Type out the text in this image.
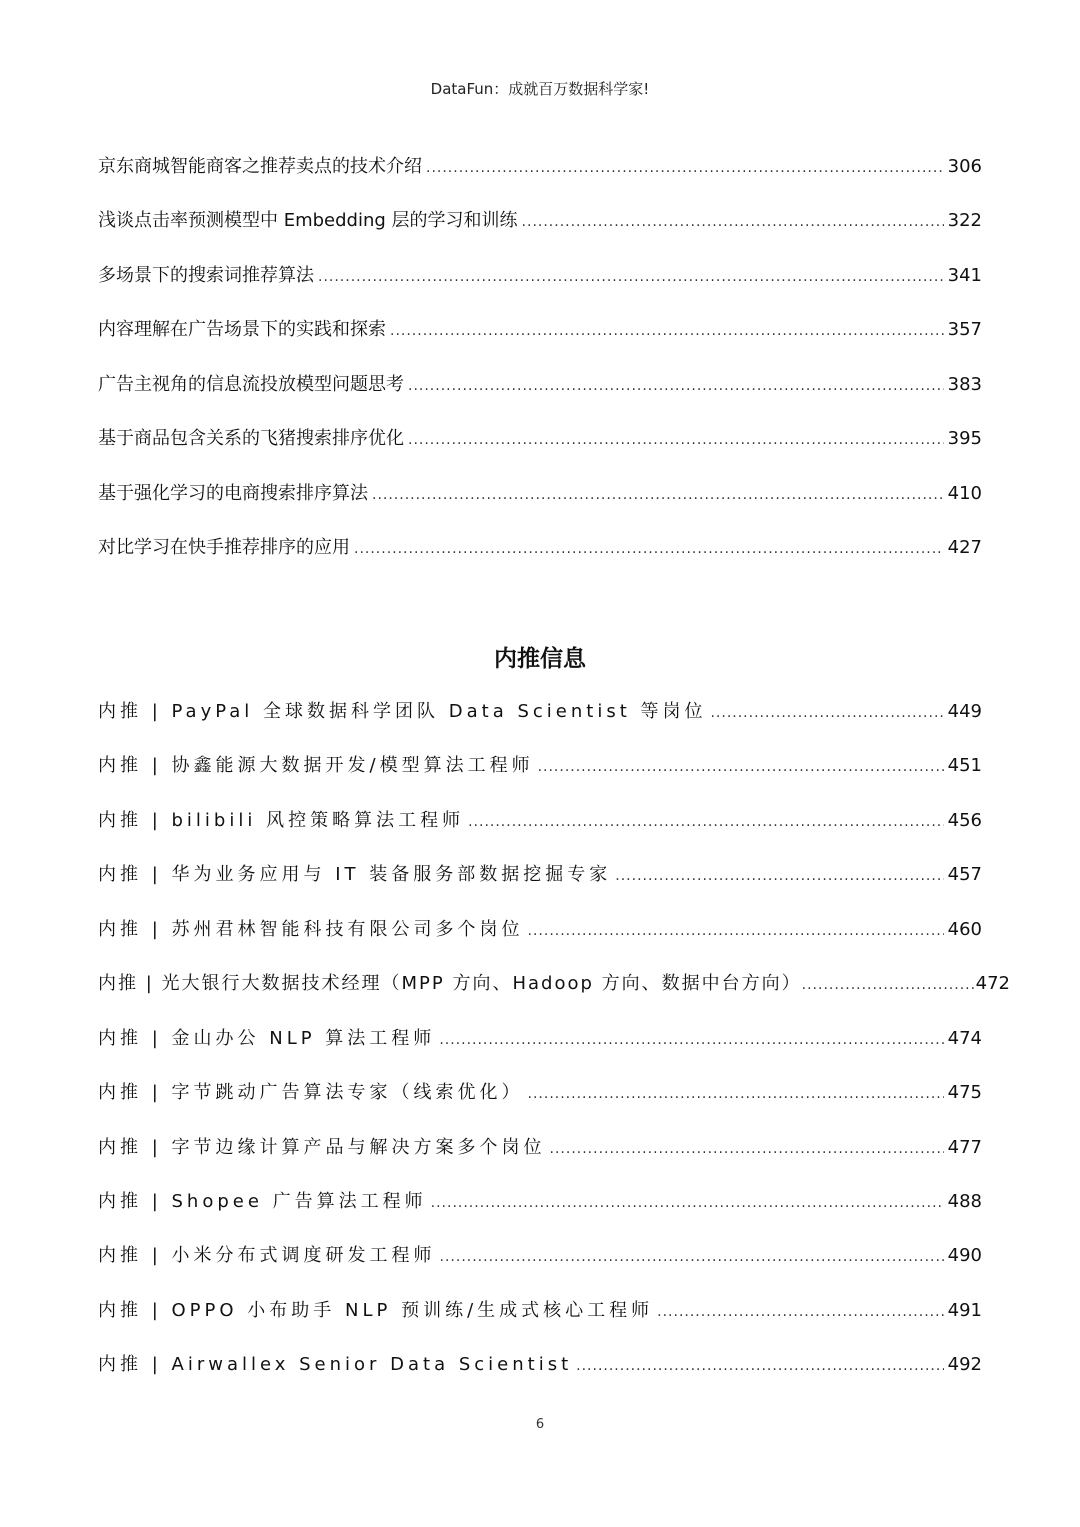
DataFun：成就百万数据科学家!
京东商城智能商客之推荐卖点的技术介绍 .....	306
浅谈点击率预测模型中 Embedding 层的学习和训练 .....	322
多场景下的搜索词推荐算法 .....	341
内容理解在广告场景下的实践和探索 .....	357
广告主视角的信息流投放模型问题思考 .....	383
基于商品包含关系的飞猪搜索排序优化 .....	395
基于强化学习的电商搜索排序算法 .....	410
对比学习在快手推荐排序的应用 .....	427
内推信息
内推 | PayPal 全球数据科学团队 Data Scientist 等岗位 .....	449
内推 | 协鑫能源大数据开发/模型算法工程师 .....	451
内推 | bilibili 风控策略算法工程师 .....	456
内推 | 华为业务应用与 IT 装备服务部数据挖掘专家 .....	457
内推 | 苏州君林智能科技有限公司多个岗位 .....	460
内推 | 光大银行大数据技术经理（MPP 方向、Hadoop 方向、数据中台方向） .....	472
内推 | 金山办公 NLP 算法工程师 .....	474
内推 | 字节跳动广告算法专家（线索优化） .....	475
内推 | 字节边缘计算产品与解决方案多个岗位 .....	477
内推 | Shopee 广告算法工程师 .....	488
内推 | 小米分布式调度研发工程师 .....	490
内推 | OPPO 小布助手 NLP 预训练/生成式核心工程师 .....	491
内推 | Airwallex Senior Data Scientist .....	492
6
